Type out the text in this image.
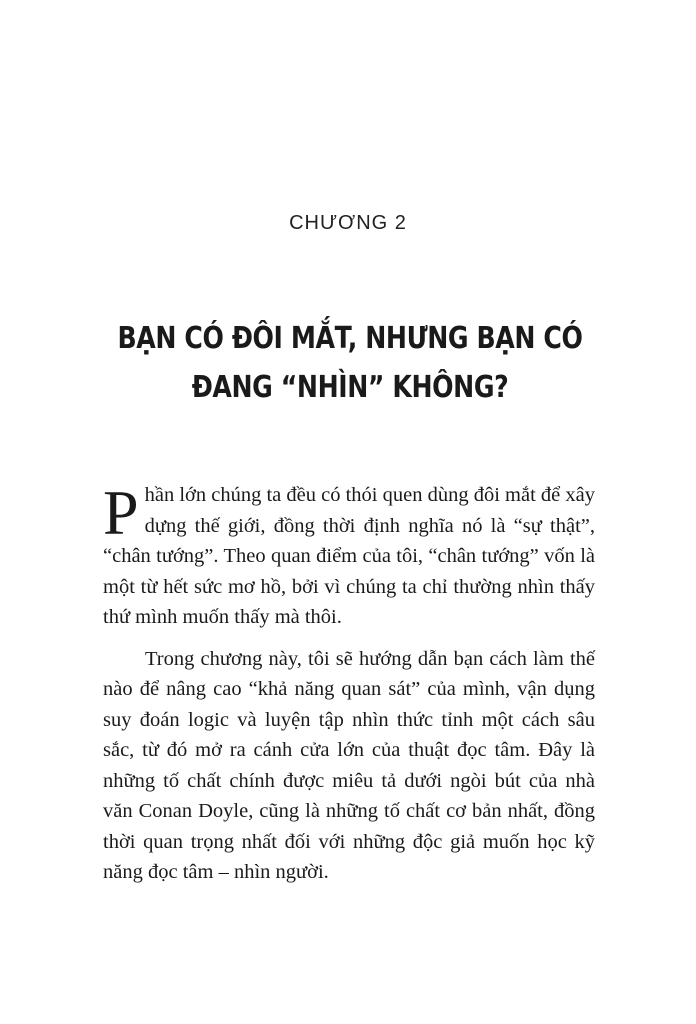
CHƯƠNG 2
BẠN CÓ ĐÔI MẮT, NHƯNG BẠN CÓ
ĐANG “NHÌN” KHÔNG?

Phần lớn chúng ta đều có thói quen dùng đôi mắt để xây dựng thế giới, đồng thời định nghĩa nó là “sự thật”, “chân tướng”. Theo quan điểm của tôi, “chân tướng” vốn là một từ hết sức mơ hồ, bởi vì chúng ta chỉ thường nhìn thấy thứ mình muốn thấy mà thôi.

Trong chương này, tôi sẽ hướng dẫn bạn cách làm thế nào để nâng cao “khả năng quan sát” của mình, vận dụng suy đoán logic và luyện tập nhìn thức tỉnh một cách sâu sắc, từ đó mở ra cánh cửa lớn của thuật đọc tâm. Đây là những tố chất chính được miêu tả dưới ngòi bút của nhà văn Conan Doyle, cũng là những tố chất cơ bản nhất, đồng thời quan trọng nhất đối với những độc giả muốn học kỹ năng đọc tâm – nhìn người.
